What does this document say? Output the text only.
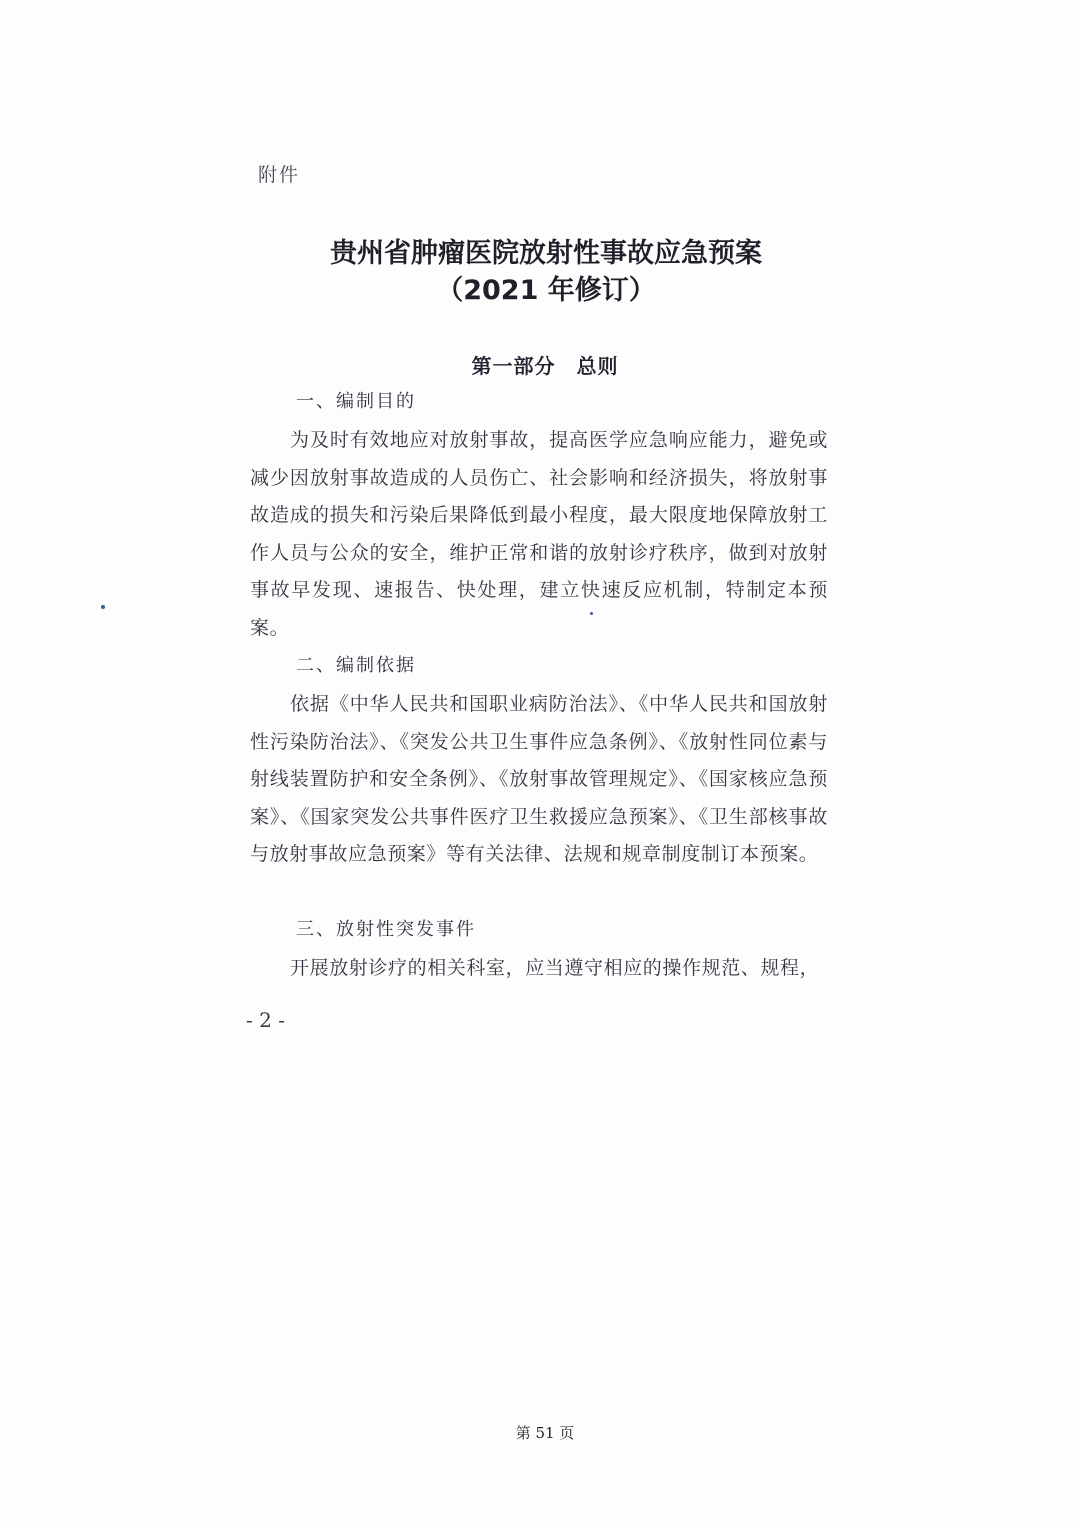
附件
贵州省肿瘤医院放射性事故应急预案
（2021 年修订）
第一部分　总则
一、编制目的
为及时有效地应对放射事故，提高医学应急响应能力，避免或减少因放射事故造成的人员伤亡、社会影响和经济损失，将放射事故造成的损失和污染后果降低到最小程度，最大限度地保障放射工作人员与公众的安全，维护正常和谐的放射诊疗秩序，做到对放射事故早发现、速报告、快处理，建立快速反应机制，特制定本预案。
二、编制依据
依据《中华人民共和国职业病防治法》、《中华人民共和国放射性污染防治法》、《突发公共卫生事件应急条例》、《放射性同位素与射线装置防护和安全条例》、《放射事故管理规定》、《国家核应急预案》、《国家突发公共事件医疗卫生救援应急预案》、《卫生部核事故与放射事故应急预案》等有关法律、法规和规章制度制订本预案。
三、放射性突发事件
开展放射诊疗的相关科室，应当遵守相应的操作规范、规程，
- 2 -
第 51 页
